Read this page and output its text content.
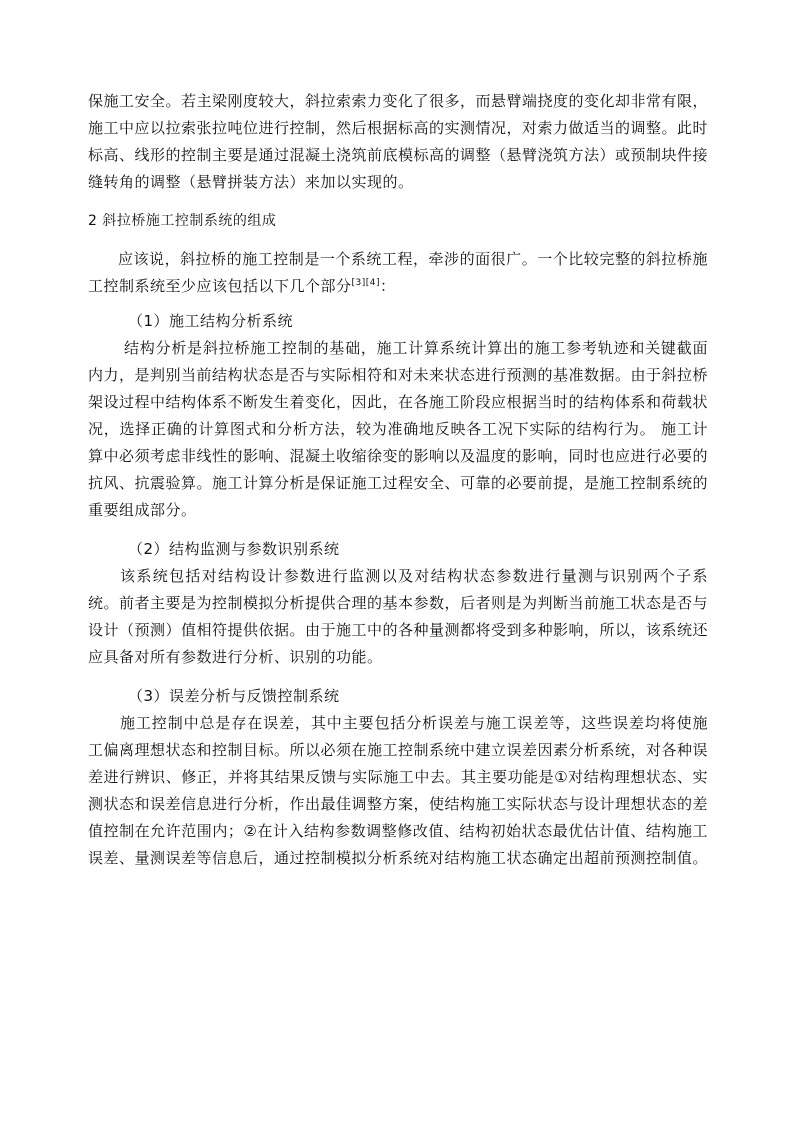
保施工安全。若主梁刚度较大，斜拉索索力变化了很多，而悬臂端挠度的变化却非常有限，施工中应以拉索张拉吨位进行控制，然后根据标高的实测情况，对索力做适当的调整。此时标高、线形的控制主要是通过混凝土浇筑前底模标高的调整（悬臂浇筑方法）或预制块件接缝转角的调整（悬臂拼装方法）来加以实现的。

2 斜拉桥施工控制系统的组成

应该说，斜拉桥的施工控制是一个系统工程，牵涉的面很广。一个比较完整的斜拉桥施工控制系统至少应该包括以下几个部分[3][4]：

（1）施工结构分析系统

结构分析是斜拉桥施工控制的基础，施工计算系统计算出的施工参考轨迹和关键截面内力，是判别当前结构状态是否与实际相符和对未来状态进行预测的基准数据。由于斜拉桥架设过程中结构体系不断发生着变化，因此，在各施工阶段应根据当时的结构体系和荷载状况，选择正确的计算图式和分析方法，较为准确地反映各工况下实际的结构行为。 施工计算中必须考虑非线性的影响、混凝土收缩徐变的影响以及温度的影响，同时也应进行必要的抗风、抗震验算。施工计算分析是保证施工过程安全、可靠的必要前提，是施工控制系统的重要组成部分。

（2）结构监测与参数识别系统

该系统包括对结构设计参数进行监测以及对结构状态参数进行量测与识别两个子系统。前者主要是为控制模拟分析提供合理的基本参数，后者则是为判断当前施工状态是否与设计（预测）值相符提供依据。由于施工中的各种量测都将受到多种影响，所以，该系统还应具备对所有参数进行分析、识别的功能。

（3）误差分析与反馈控制系统

施工控制中总是存在误差，其中主要包括分析误差与施工误差等，这些误差均将使施工偏离理想状态和控制目标。所以必须在施工控制系统中建立误差因素分析系统，对各种误差进行辨识、修正，并将其结果反馈与实际施工中去。其主要功能是①对结构理想状态、实测状态和误差信息进行分析，作出最佳调整方案，使结构施工实际状态与设计理想状态的差值控制在允许范围内；②在计入结构参数调整修改值、结构初始状态最优估计值、结构施工误差、量测误差等信息后，通过控制模拟分析系统对结构施工状态确定出超前预测控制值。
